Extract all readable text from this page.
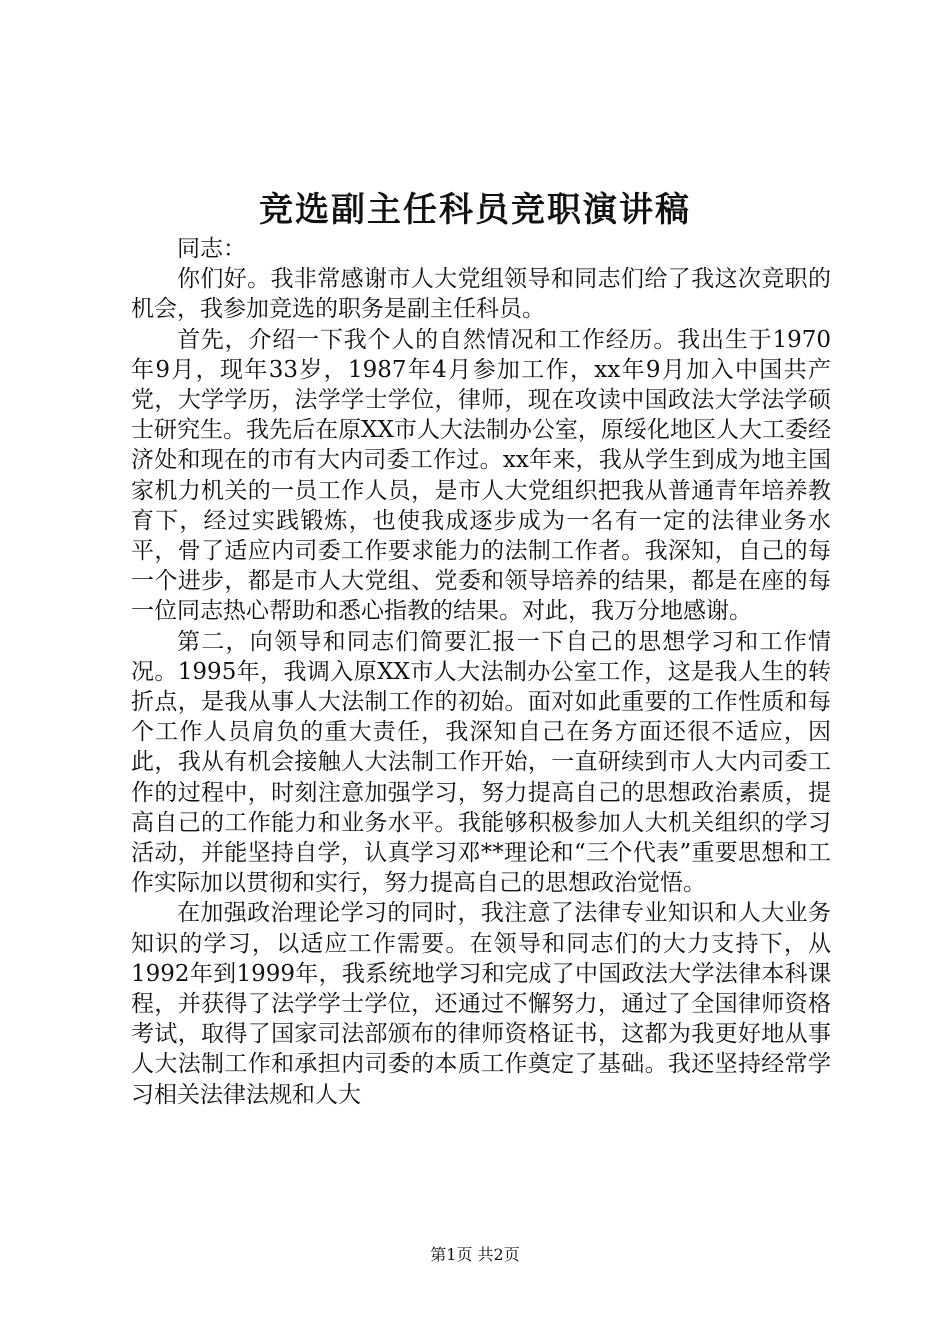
竞选副主任科员竞职演讲稿

同志：

你们好。我非常感谢市人大党组领导和同志们给了我这次竞职的机会，我参加竞选的职务是副主任科员。

首先，介绍一下我个人的自然情况和工作经历。我出生于1970年9月，现年33岁，1987年4月参加工作，xx年9月加入中国共产党，大学学历，法学学士学位，律师，现在攻读中国政法大学法学硕士研究生。我先后在原XX市人大法制办公室，原绥化地区人大工委经济处和现在的市有大内司委工作过。xx年来，我从学生到成为地主国家机力机关的一员工作人员，是市人大党组织把我从普通青年培养教育下，经过实践锻炼，也使我成逐步成为一名有一定的法律业务水平，骨了适应内司委工作要求能力的法制工作者。我深知，自己的每一个进步，都是市人大党组、党委和领导培养的结果，都是在座的每一位同志热心帮助和悉心指教的结果。对此，我万分地感谢。

第二，向领导和同志们简要汇报一下自己的思想学习和工作情况。1995年，我调入原XX市人大法制办公室工作，这是我人生的转折点，是我从事人大法制工作的初始。面对如此重要的工作性质和每个工作人员肩负的重大责任，我深知自己在务方面还很不适应，因此，我从有机会接触人大法制工作开始，一直研续到市人大内司委工作的过程中，时刻注意加强学习，努力提高自己的思想政治素质，提高自己的工作能力和业务水平。我能够积极参加人大机关组织的学习活动，并能坚持自学，认真学习邓**理论和“三个代表”重要思想和工作实际加以贯彻和实行，努力提高自己的思想政治觉悟。

在加强政治理论学习的同时，我注意了法律专业知识和人大业务知识的学习，以适应工作需要。在领导和同志们的大力支持下，从1992年到1999年，我系统地学习和完成了中国政法大学法律本科课程，并获得了法学学士学位，还通过不懈努力，通过了全国律师资格考试，取得了国家司法部颁布的律师资格证书，这都为我更好地从事人大法制工作和承担内司委的本质工作奠定了基础。我还坚持经常学习相关法律法规和人大

第1页 共2页
